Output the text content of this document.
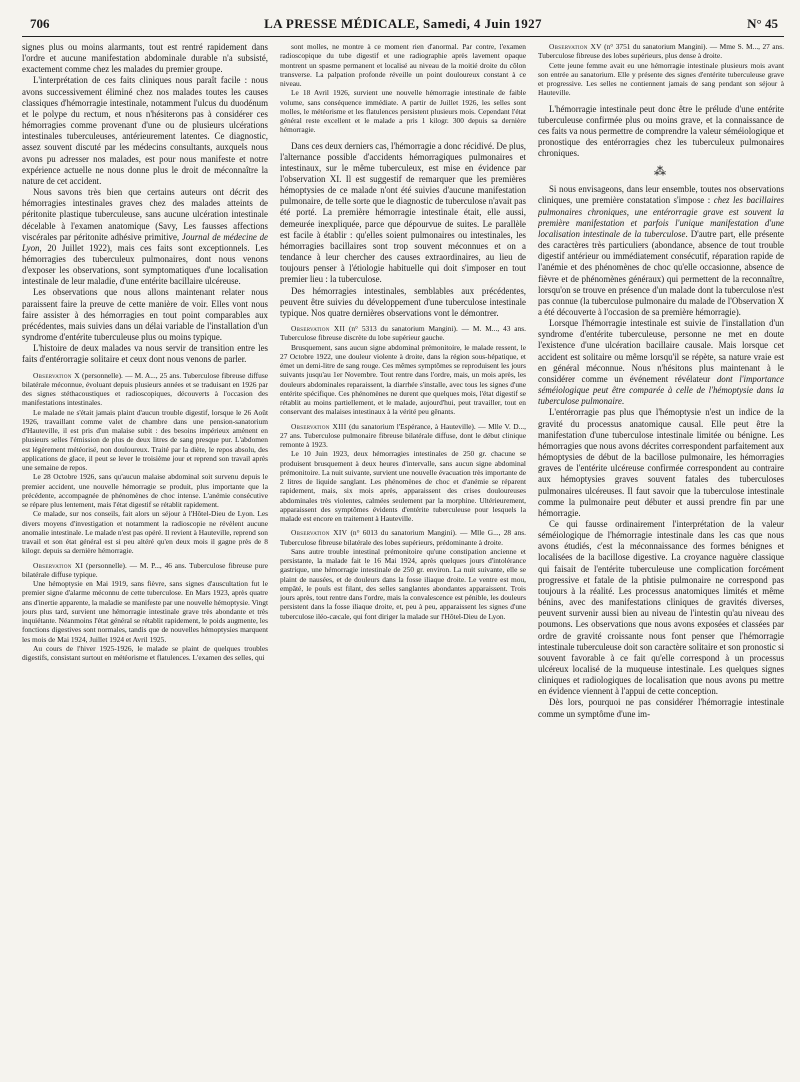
706	LA PRESSE MÉDICALE, Samedi, 4 Juin 1927	N° 45

signes plus ou moins alarmants, tout est rentré rapidement dans l'ordre et aucune manifestation abdominale durable n'a subsisté, exactement comme chez les malades du premier groupe.

L'interprétation de ces faits cliniques nous paraît facile : nous avons successivement éliminé chez nos malades toutes les causes classiques d'hémorragie intestinale, notamment l'ulcus du duodénum et le polype du rectum, et nous n'hésiterons pas à considérer ces hémorragies comme provenant d'une ou de plusieurs ulcérations intestinales tuberculeuses, antérieurement latentes. Ce diagnostic, assez souvent discuté par les médecins consultants, auxquels nous avons pu adresser nos malades, est pour nous manifeste et notre expérience actuelle ne nous donne plus le droit de méconnaître la nature de cet accident.

Nous savons très bien que certains auteurs ont décrit des hémorragies intestinales graves chez des malades atteints de péritonite plastique tuberculeuse, sans aucune ulcération intestinale décelable à l'examen anatomique (Savy, Les fausses affections viscérales par péritonite adhésive primitive, Journal de médecine de Lyon, 20 Juillet 1922), mais ces faits sont exceptionnels. Les hémorragies des tuberculeux pulmonaires, dont nous venons d'exposer les observations, sont symptomatiques d'une localisation intestinale de leur maladie, d'une entérite bacillaire ulcéreuse.

Les observations que nous allons maintenant relater nous paraissent faire la preuve de cette manière de voir. Elles vont nous faire assister à des hémorragies en tout point comparables aux précédentes, mais suivies dans un délai variable de l'installation d'un syndrome d'entérite tuberculeuse plus ou moins typique.

L'histoire de deux malades va nous servir de transition entre les faits d'entérorragie solitaire et ceux dont nous venons de parler.

Observation X (personnelle). — M. A..., 25 ans. Tuberculose fibreuse diffuse bilatérale méconnue, évoluant depuis plusieurs années et se traduisant en 1926 par des signes stéthacoustiques et radioscopiques, découverts à l'occasion des manifestations intestinales.

Le malade ne s'était jamais plaint d'aucun trouble digestif, lorsque le 26 Août 1926, travaillant comme valet de chambre dans une pension-sanatorium d'Hauteville, il est pris d'un malaise subit : des besoins impérieux amènent en plusieurs selles l'émission de plus de deux litres de sang presque pur. L'abdomen est légèrement météorisé, non douloureux. Traité par la diète, le repos absolu, des applications de glace, il peut se lever le troisième jour et reprend son travail après une semaine de repos.

Le 28 Octobre 1926, sans qu'aucun malaise abdominal soit survenu depuis le premier accident, une nouvelle hémorragie se produit, plus importante que la précédente, accompagnée de phénomènes de choc intense. L'anémie consécutive se répare plus lentement, mais l'état digestif se rétablit rapidement.

Ce malade, sur nos conseils, fait alors un séjour à l'Hôtel-Dieu de Lyon. Les divers moyens d'investigation et notamment la radioscopie ne révèlent aucune anomalie intestinale. Le malade n'est pas opéré. Il revient à Hauteville, reprend son travail et son état général est si peu altéré qu'en deux mois il gagne près de 8 kilogr. depuis sa dernière hémorragie.

Observation XI (personnelle). — M. P..., 46 ans. Tuberculose fibreuse pure bilatérale diffuse typique.

Une hémoptysie en Mai 1919, sans fièvre, sans signes d'auscultation fut le premier signe d'alarme méconnu de cette tuberculose. En Mars 1923, après quatre ans d'inertie apparente, la maladie se manifeste par une nouvelle hémoptysie. Vingt jours plus tard, survient une hémorragie intestinale grave très abondante et très inquiétante. Néanmoins l'état général se rétablit rapidement, le poids augmente, les fonctions digestives sont normales, tandis que de nouvelles hémoptysies marquent les mois de Mai 1924, Juillet 1924 et Avril 1925.

Au cours de l'hiver 1925-1926, le malade se plaint de quelques troubles digestifs, consistant surtout en météorisme et flatulences. L'examen des selles, qui

sont molles, ne montre à ce moment rien d'anormal. Par contre, l'examen radioscopique du tube digestif et une radiographie après lavement opaque montrent un spasme permanent et localisé au niveau de la moitié droite du côlon transverse. La palpation profonde réveille un point douloureux constant à ce niveau.

Le 18 Avril 1926, survient une nouvelle hémorragie intestinale de faible volume, sans conséquence immédiate. A partir de Juillet 1926, les selles sont molles, le météorisme et les flatulences persistent plusieurs mois. Cependant l'état général reste excellent et le malade a pris 1 kilogr. 300 depuis sa dernière hémorragie.

Dans ces deux derniers cas, l'hémorragie a donc récidivé. De plus, l'alternance possible d'accidents hémorragiques pulmonaires et intestinaux, sur le même tuberculeux, est mise en évidence par l'observation XI. Il est suggestif de remarquer que les premières hémoptysies de ce malade n'ont été suivies d'aucune manifestation pulmonaire, de telle sorte que le diagnostic de tuberculose n'avait pas été porté. La première hémorragie intestinale était, elle aussi, demeurée inexpliquée, parce que dépourvue de suites. Le parallèle est facile à établir : qu'elles soient pulmonaires ou intestinales, les hémorragies bacillaires sont trop souvent méconnues et on a tendance à leur chercher des causes extraordinaires, au lieu de toujours penser à l'étiologie habituelle qui doit s'imposer en tout premier lieu : la tuberculose.

Des hémorragies intestinales, semblables aux précédentes, peuvent être suivies du développement d'une tuberculose intestinale typique. Nos quatre dernières observations vont le démontrer.

Observation XII (n° 5313 du sanatorium Mangini). — M. M..., 43 ans. Tuberculose fibreuse discrète du lobe supérieur gauche.

Brusquement, sans aucun signe abdominal prémonitoire, le malade ressent, le 27 Octobre 1922, une douleur violente à droite, dans la région sous-hépatique, et émet un demi-litre de sang rouge. Ces mêmes symptômes se reproduisent les jours suivants jusqu'au 1er Novembre. Tout rentre dans l'ordre, mais, un mois après, les douleurs abdominales reparaissent, la diarrhée s'installe, avec tous les signes d'une entérite spécifique. Ces phénomènes ne durent que quelques mois, l'état digestif se rétablit au moins partiellement, et le malade, aujourd'hui, peut travailler, tout en conservant des malaises intestinaux à la vérité peu gênants.

Observation XIII (du sanatorium l'Espérance, à Hauteville). — Mlle V. D..., 27 ans. Tuberculose pulmonaire fibreuse bilatérale diffuse, dont le début clinique remonte à 1923.

Le 10 Juin 1923, deux hémorragies intestinales de 250 gr. chacune se produisent brusquement à deux heures d'intervalle, sans aucun signe abdominal prémonitoire. La nuit suivante, survient une nouvelle évacuation très importante de 2 litres de liquide sanglant. Les phénomènes de choc et d'anémie se réparent rapidement, mais, six mois après, apparaissent des crises douloureuses abdominales très violentes, calmées seulement par la morphine. Ultérieurement, apparaissent des symptômes évidents d'entérite tuberculeuse pour lesquels la malade est encore en traitement à Hauteville.

Observation XIV (n° 6013 du sanatorium Mangini). — Mlle G..., 28 ans. Tuberculose fibreuse bilatérale des lobes supérieurs, prédominante à droite.

Sans autre trouble intestinal prémonitoire qu'une constipation ancienne et persistante, la malade fait le 16 Mai 1924, après quelques jours d'intolérance gastrique, une hémorragie intestinale de 250 gr. environ. La nuit suivante, elle se plaint de nausées, et de douleurs dans la fosse iliaque droite. Le ventre est mou, empâté, le pouls est filant, des selles sanglantes abondantes apparaissent. Trois jours après, tout rentre dans l'ordre, mais la convalescence est pénible, les douleurs persistent dans la fosse iliaque droite, et, peu à peu, apparaissent les signes d'une tuberculose iléo-cæcale, qui font diriger la malade sur l'Hôtel-Dieu de Lyon.

Observation XV (n° 3751 du sanatorium Mangini). — Mme S. M..., 27 ans. Tuberculose fibreuse des lobes supérieurs, plus dense à droite.

Cette jeune femme avait eu une hémorragie intestinale plusieurs mois avant son entrée au sanatorium. Elle y présente des signes d'entérite tuberculeuse grave et progressive. Les selles ne contiennent jamais de sang pendant son séjour à Hauteville.

L'hémorragie intestinale peut donc être le prélude d'une entérite tuberculeuse confirmée plus ou moins grave, et la connaissance de ces faits va nous permettre de comprendre la valeur séméiologique et pronostique des entérorragies chez les tuberculeux pulmonaires chroniques.

⁂

Si nous envisageons, dans leur ensemble, toutes nos observations cliniques, une première constatation s'impose : chez les bacillaires pulmonaires chroniques, une entérorragie grave est souvent la première manifestation et parfois l'unique manifestation d'une localisation intestinale de la tuberculose. D'autre part, elle présente des caractères très particuliers (abondance, absence de tout trouble digestif antérieur ou immédiatement consécutif, réparation rapide de l'anémie et des phénomènes de choc qu'elle occasionne, absence de fièvre et de phénomènes généraux) qui permettent de la reconnaître, lorsqu'on se trouve en présence d'un malade dont la tuberculose n'est pas connue (la tuberculose pulmonaire du malade de l'Observation X a été découverte à l'occasion de sa première hémorragie).

Lorsque l'hémorragie intestinale est suivie de l'installation d'un syndrome d'entérite tuberculeuse, personne ne met en doute l'existence d'une ulcération bacillaire causale. Mais lorsque cet accident est solitaire ou même lorsqu'il se répète, sa nature vraie est en général méconnue. Nous n'hésitons plus maintenant à le considérer comme un événement révélateur dont l'importance séméiologique peut être comparée à celle de l'hémoptysie dans la tuberculose pulmonaire.

L'entérorragie pas plus que l'hémoptysie n'est un indice de la gravité du processus anatomique causal. Elle peut être la manifestation d'une tuberculose intestinale limitée ou bénigne. Les hémorragies que nous avons décrites correspondent parfaitement aux hémoptysies de début de la bacillose pulmonaire, les hémorragies graves de l'entérite ulcéreuse confirmée correspondent au contraire aux hémoptysies graves souvent fatales des tuberculoses pulmonaires ulcéreuses. Il faut savoir que la tuberculose intestinale comme la pulmonaire peut débuter et aussi prendre fin par une hémorragie.

Ce qui fausse ordinairement l'interprétation de la valeur séméiologique de l'hémorragie intestinale dans les cas que nous avons étudiés, c'est la méconnaissance des formes bénignes et localisées de la bacillose digestive. La croyance naguère classique qui faisait de l'entérite tuberculeuse une complication forcément progressive et fatale de la phtisie pulmonaire ne correspond pas toujours à la réalité. Les processus anatomiques limités et même bénins, avec des manifestations cliniques de gravités diverses, peuvent survenir aussi bien au niveau de l'intestin qu'au niveau des poumons. Les observations que nous avons exposées et classées par ordre de gravité croissante nous font penser que l'hémorragie intestinale tuberculeuse doit son caractère solitaire et son pronostic si souvent favorable à ce fait qu'elle correspond à un processus ulcéreux localisé de la muqueuse intestinale. Les quelques signes cliniques et radiologiques de localisation que nous avons pu mettre en évidence viennent à l'appui de cette conception.

Dès lors, pourquoi ne pas considérer l'hémorragie intestinale comme un symptôme d'une im-
